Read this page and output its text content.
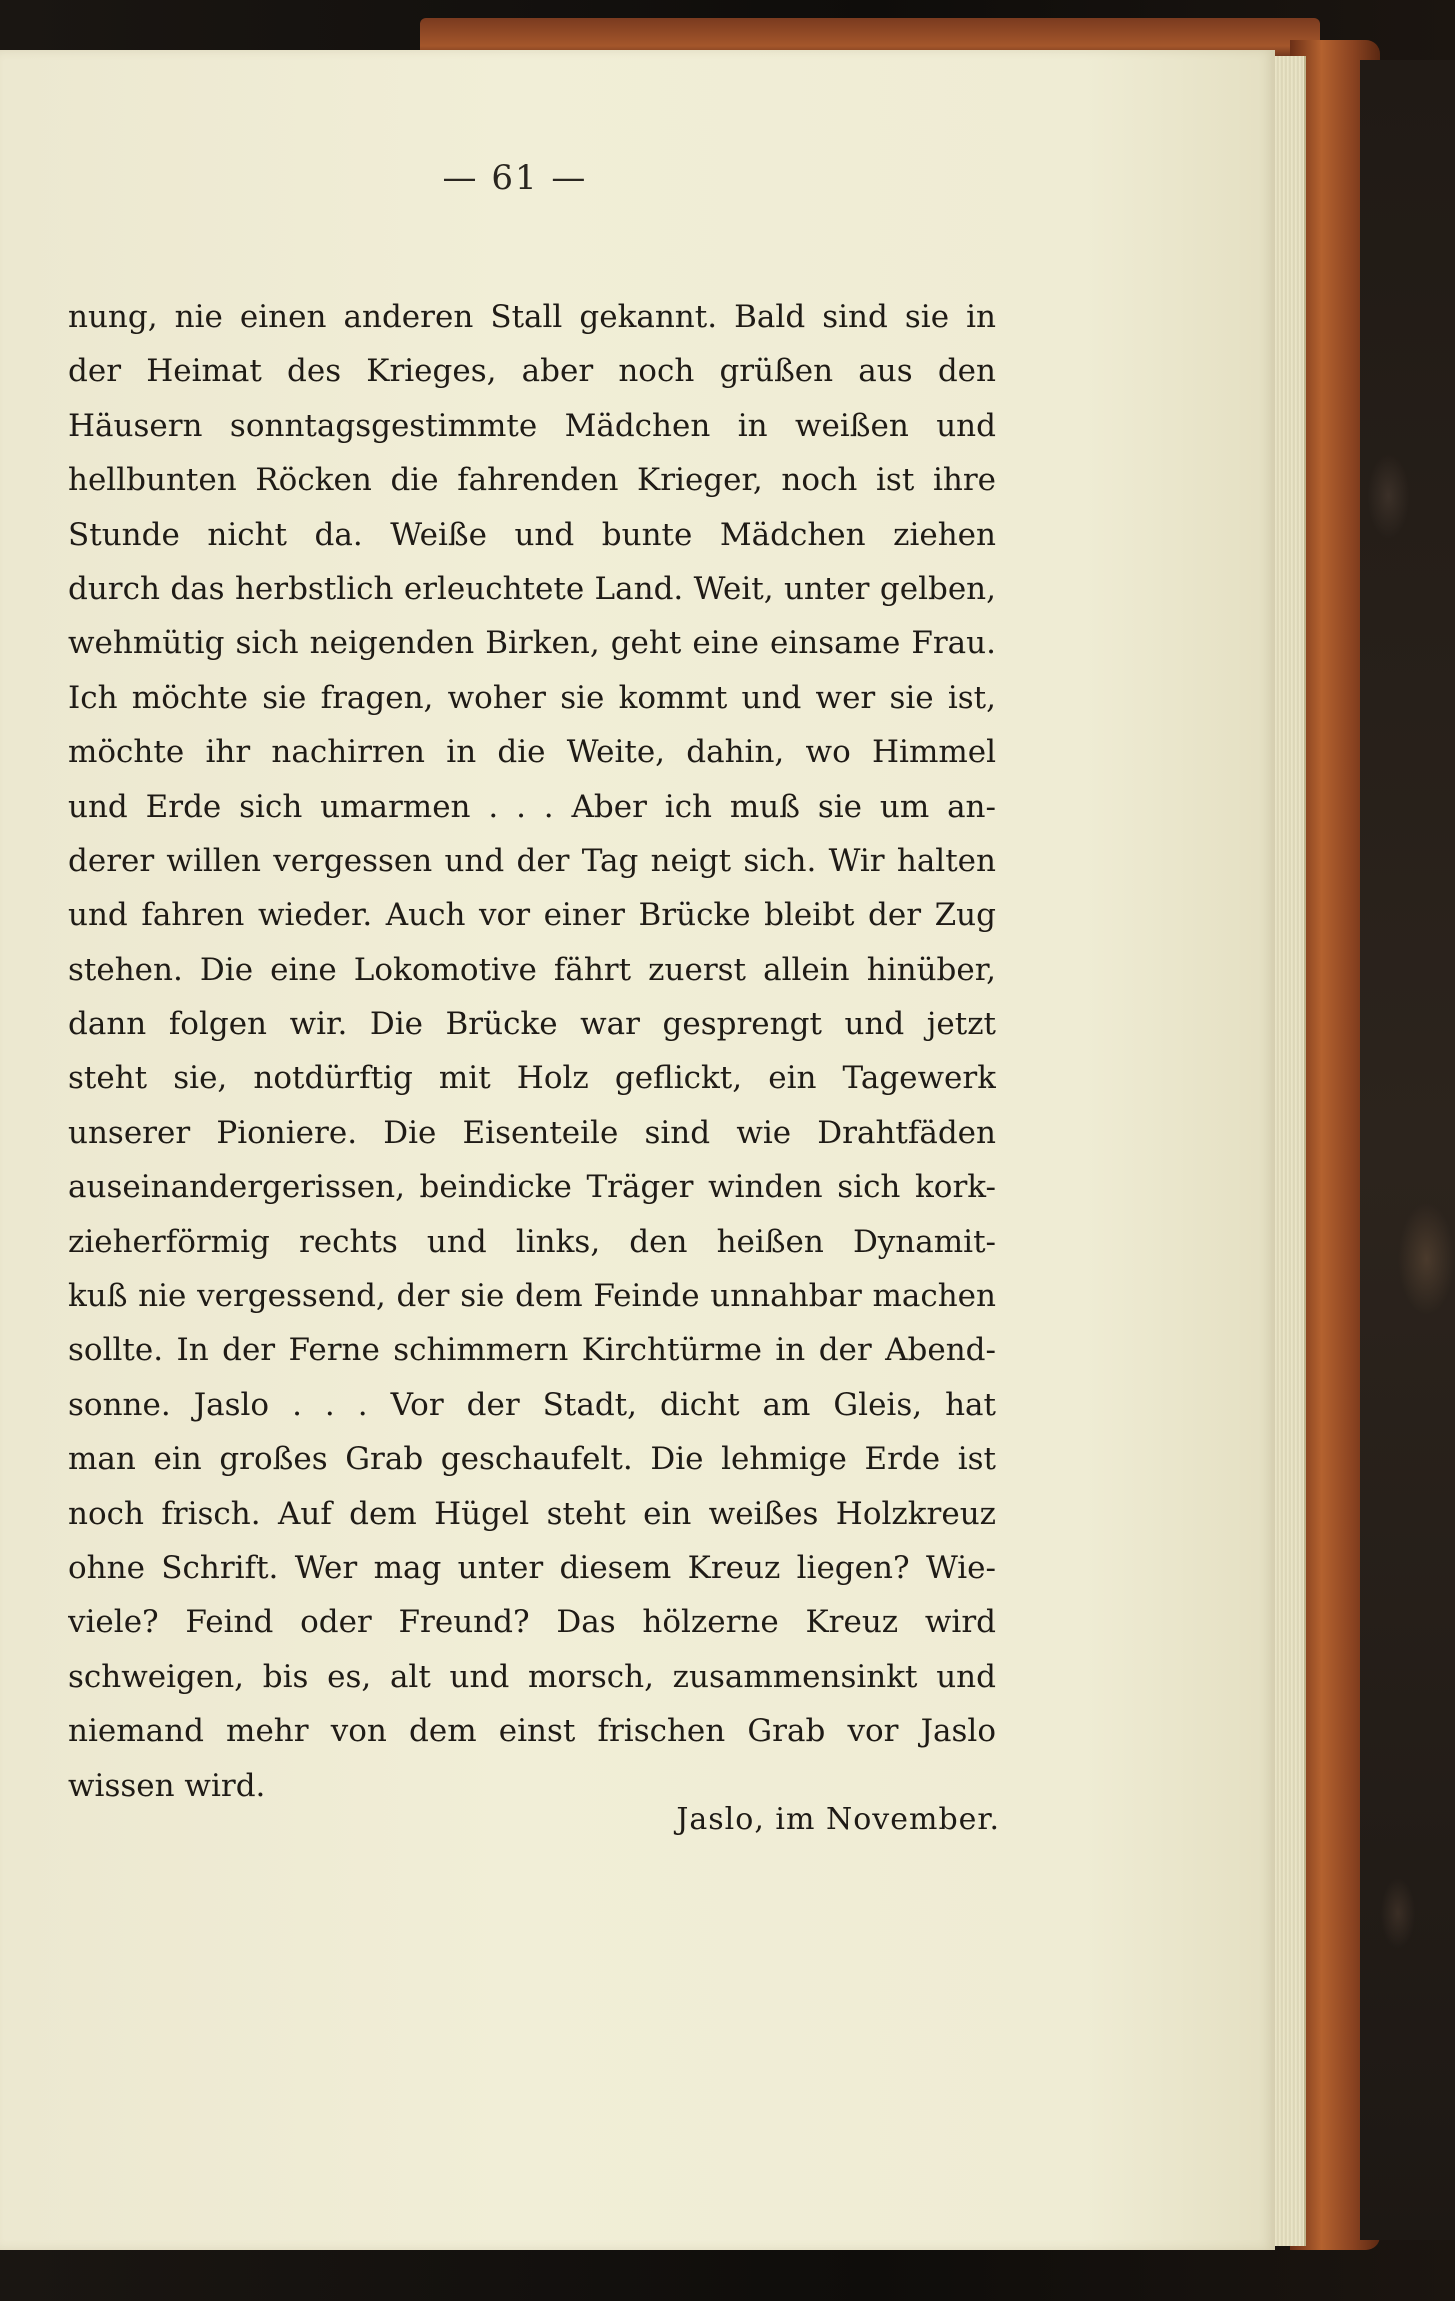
— 61 —
nung, nie einen anderen Stall gekannt. Bald sind sie in
der Heimat des Krieges, aber noch grüßen aus den
Häusern sonntagsgestimmte Mädchen in weißen und
hellbunten Röcken die fahrenden Krieger, noch ist ihre
Stunde nicht da. Weiße und bunte Mädchen ziehen
durch das herbstlich erleuchtete Land. Weit, unter gelben,
wehmütig sich neigenden Birken, geht eine einsame Frau.
Ich möchte sie fragen, woher sie kommt und wer sie ist,
möchte ihr nachirren in die Weite, dahin, wo Himmel
und Erde sich umarmen . . . Aber ich muß sie um an-
derer willen vergessen und der Tag neigt sich. Wir halten
und fahren wieder. Auch vor einer Brücke bleibt der Zug
stehen. Die eine Lokomotive fährt zuerst allein hinüber,
dann folgen wir. Die Brücke war gesprengt und jetzt
steht sie, notdürftig mit Holz geflickt, ein Tagewerk
unserer Pioniere. Die Eisenteile sind wie Drahtfäden
auseinandergerissen, beindicke Träger winden sich kork-
zieherförmig rechts und links, den heißen Dynamit-
kuß nie vergessend, der sie dem Feinde unnahbar machen
sollte. In der Ferne schimmern Kirchtürme in der Abend-
sonne. Jaslo . . . Vor der Stadt, dicht am Gleis, hat
man ein großes Grab geschaufelt. Die lehmige Erde ist
noch frisch. Auf dem Hügel steht ein weißes Holzkreuz
ohne Schrift. Wer mag unter diesem Kreuz liegen? Wie-
viele? Feind oder Freund? Das hölzerne Kreuz wird
schweigen, bis es, alt und morsch, zusammensinkt und
niemand mehr von dem einst frischen Grab vor Jaslo
wissen wird.
Jaslo, im November.
